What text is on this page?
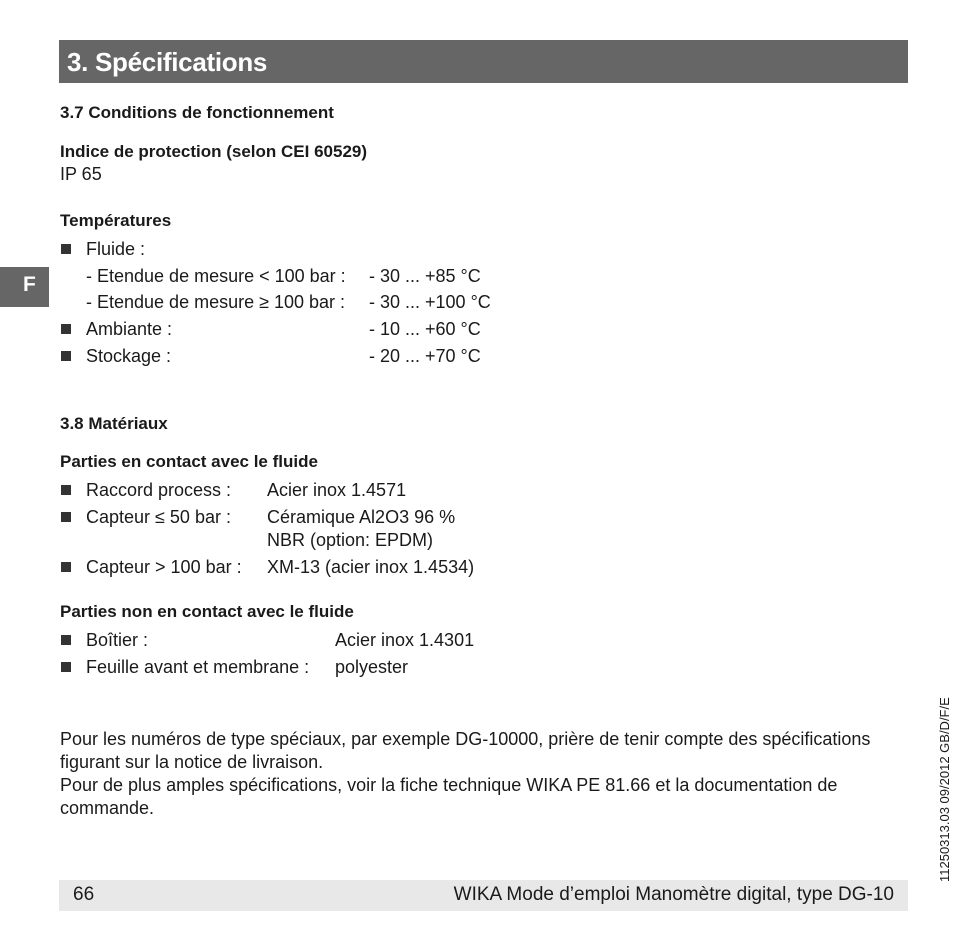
3. Spécifications
F
3.7 Conditions de fonctionnement
Indice de protection (selon CEI 60529)
IP 65
Températures
Fluide :
- Etendue de mesure < 100 bar : - 30 ... +85 °C
- Etendue de mesure ≥ 100 bar : - 30 ... +100 °C
Ambiante :	- 10 ... +60 °C
Stockage :	- 20 ... +70 °C
3.8 Matériaux
Parties en contact avec le fluide
Raccord process : Acier inox 1.4571
Capteur ≤ 50 bar : Céramique Al2O3 96 %
NBR (option: EPDM)
Capteur > 100 bar : XM-13 (acier inox 1.4534)
Parties non en contact avec le fluide
Boîtier :	Acier inox 1.4301
Feuille avant et membrane : polyester
Pour les numéros de type spéciaux, par exemple DG-10000, prière de tenir compte des spécifications
figurant sur la notice de livraison.
Pour de plus amples spécifications, voir la fiche technique WIKA PE 81.66 et la documentation de
commande.	11250313.03 09/2012 GB/D/F/E
66	WIKA Mode d’emploi Manomètre digital, type DG-10
